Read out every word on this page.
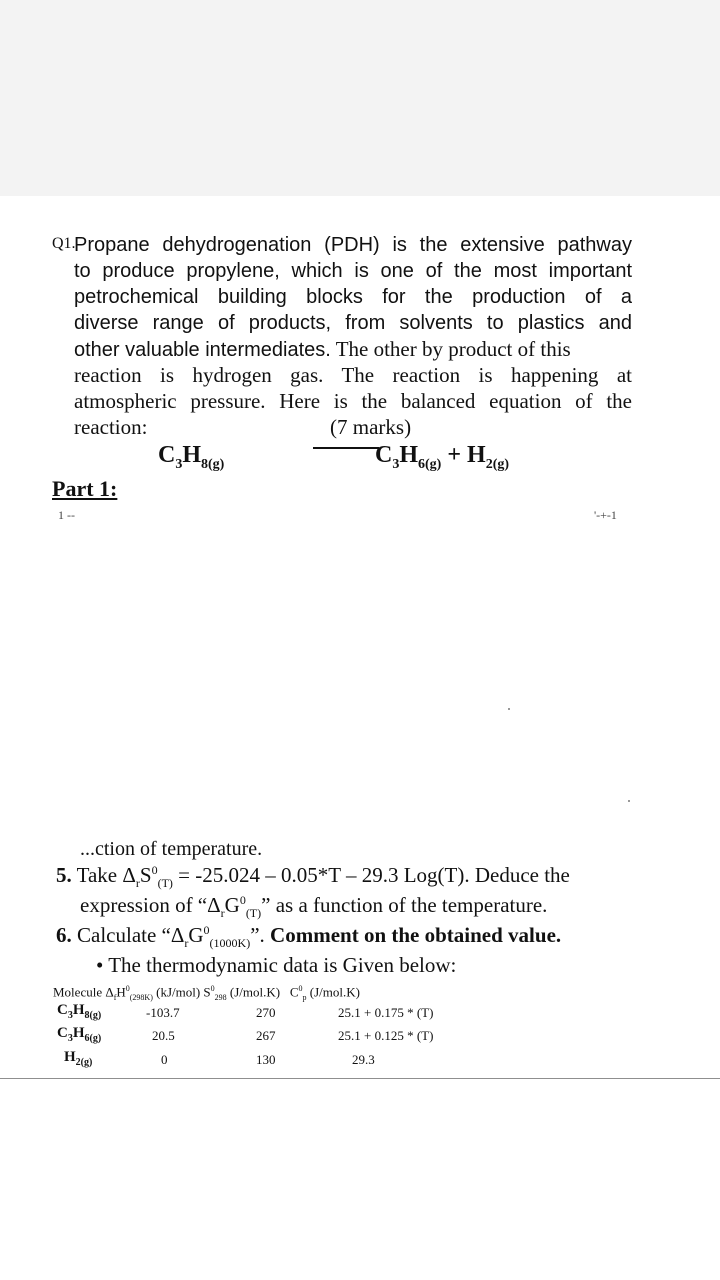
Q1.
Propane dehydrogenation (PDH) is the extensive pathway
to produce propylene, which is one of the most important
petrochemical building blocks for the production of a
diverse range of products, from solvents to plastics and
other valuable intermediates. The other by product of this
reaction is hydrogen gas. The reaction is happening at
atmospheric pressure. Here is the balanced equation of the
reaction:	(7 marks)
$C_3H_{8(g)}$	$C_3H_{6(g)} + H_{2(g)}$
Part 1:
1 --	'-+-1
...ction of temperature.
5. Take $\Delta_rS^0_{(T)} = -25.024 - 0.05*T - 29.3$ Log(T). Deduce the
expression of “$\Delta_rG^0_{(T)}$” as a function of the temperature.
6. Calculate “$\Delta_rG^0_{(1000K)}$”. Comment on the obtained value.
• The thermodynamic data is Given below:
Molecule $\Delta_fH^0_{(298K)}$ (kJ/mol) $S^0_{298}$ (J/mol.K) $C^0_p$ (J/mol.K)
$C_3H_{8(g)}$	-103.7	270	25.1 + 0.175 * (T)
$C_3H_{6(g)}$	20.5	267	25.1 + 0.125 * (T)
$H_{2(g)}$	0	130	29.3
